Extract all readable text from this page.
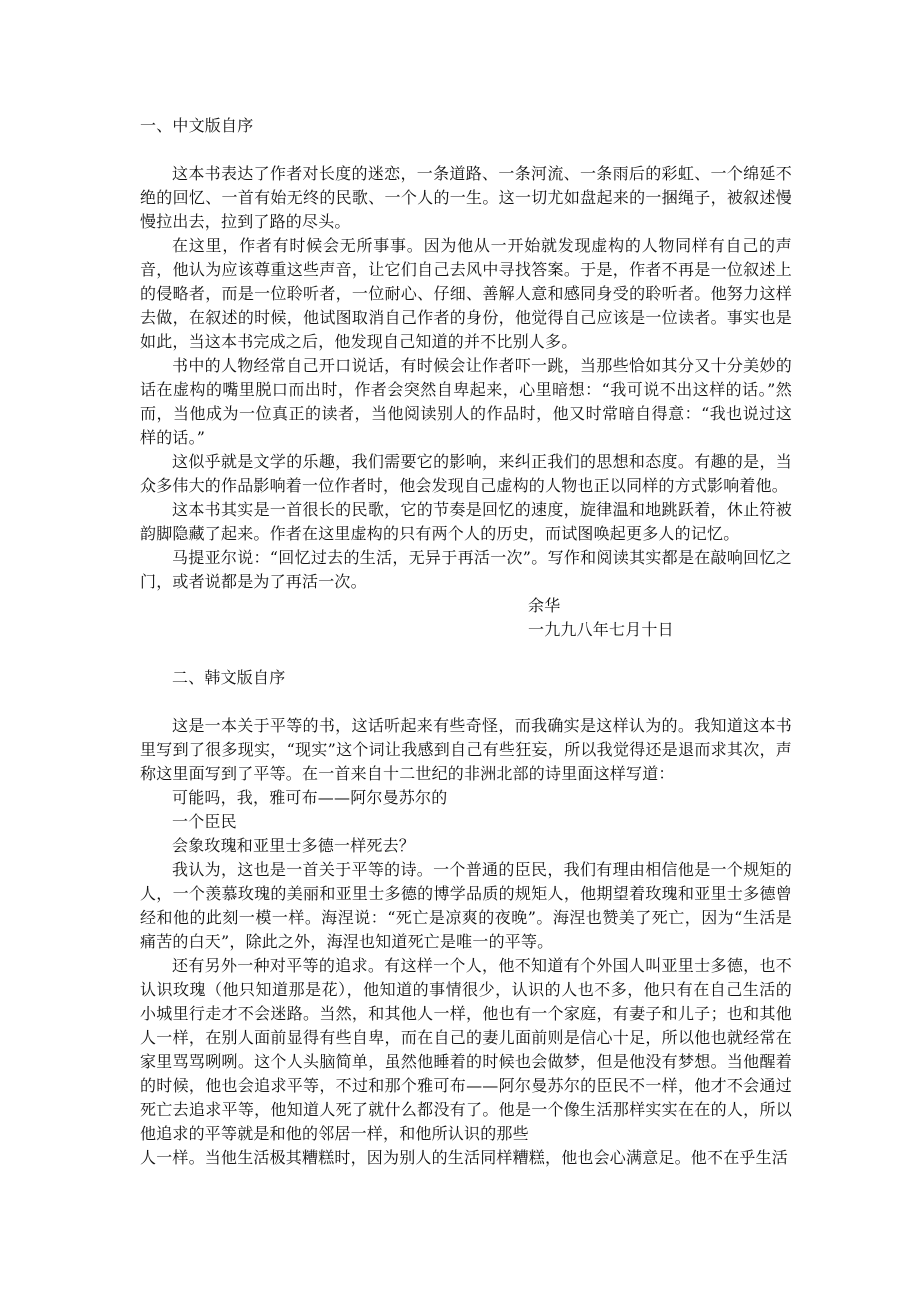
一、中文版自序

这本书表达了作者对长度的迷恋，一条道路、一条河流、一条雨后的彩虹、一个绵延不绝的回忆、一首有始无终的民歌、一个人的一生。这一切尤如盘起来的一捆绳子，被叙述慢慢拉出去，拉到了路的尽头。

在这里，作者有时候会无所事事。因为他从一开始就发现虚构的人物同样有自己的声音，他认为应该尊重这些声音，让它们自己去风中寻找答案。于是，作者不再是一位叙述上的侵略者，而是一位聆听者，一位耐心、仔细、善解人意和感同身受的聆听者。他努力这样去做，在叙述的时候，他试图取消自己作者的身份，他觉得自己应该是一位读者。事实也是如此，当这本书完成之后，他发现自己知道的并不比别人多。

书中的人物经常自己开口说话，有时候会让作者吓一跳，当那些恰如其分又十分美妙的话在虚构的嘴里脱口而出时，作者会突然自卑起来，心里暗想：“我可说不出这样的话。”然而，当他成为一位真正的读者，当他阅读别人的作品时，他又时常暗自得意：“我也说过这样的话。”

这似乎就是文学的乐趣，我们需要它的影响，来纠正我们的思想和态度。有趣的是，当众多伟大的作品影响着一位作者时，他会发现自己虚构的人物也正以同样的方式影响着他。

这本书其实是一首很长的民歌，它的节奏是回忆的速度，旋律温和地跳跃着，休止符被韵脚隐藏了起来。作者在这里虚构的只有两个人的历史，而试图唤起更多人的记忆。

马提亚尔说：“回忆过去的生活，无异于再活一次”。写作和阅读其实都是在敲响回忆之门，或者说都是为了再活一次。

余华

一九九八年七月十日

二、韩文版自序

这是一本关于平等的书，这话听起来有些奇怪，而我确实是这样认为的。我知道这本书里写到了很多现实，“现实”这个词让我感到自己有些狂妄，所以我觉得还是退而求其次，声称这里面写到了平等。在一首来自十二世纪的非洲北部的诗里面这样写道：

可能吗，我，雅可布——阿尔曼苏尔的

一个臣民

会象玫瑰和亚里士多德一样死去？

我认为，这也是一首关于平等的诗。一个普通的臣民，我们有理由相信他是一个规矩的人，一个羡慕玫瑰的美丽和亚里士多德的博学品质的规矩人，他期望着玫瑰和亚里士多德曾经和他的此刻一模一样。海涅说：“死亡是凉爽的夜晚”。海涅也赞美了死亡，因为“生活是痛苦的白天”，除此之外，海涅也知道死亡是唯一的平等。

还有另外一种对平等的追求。有这样一个人，他不知道有个外国人叫亚里士多德，也不认识玫瑰（他只知道那是花），他知道的事情很少，认识的人也不多，他只有在自己生活的小城里行走才不会迷路。当然，和其他人一样，他也有一个家庭，有妻子和儿子；也和其他人一样，在别人面前显得有些自卑，而在自己的妻儿面前则是信心十足，所以他也就经常在家里骂骂咧咧。这个人头脑简单，虽然他睡着的时候也会做梦，但是他没有梦想。当他醒着的时候，他也会追求平等，不过和那个雅可布——阿尔曼苏尔的臣民不一样，他才不会通过死亡去追求平等，他知道人死了就什么都没有了。他是一个像生活那样实实在在的人，所以他追求的平等就是和他的邻居一样，和他所认识的那些

人一样。当他生活极其糟糕时，因为别人的生活同样糟糕，他也会心满意足。他不在乎生活
